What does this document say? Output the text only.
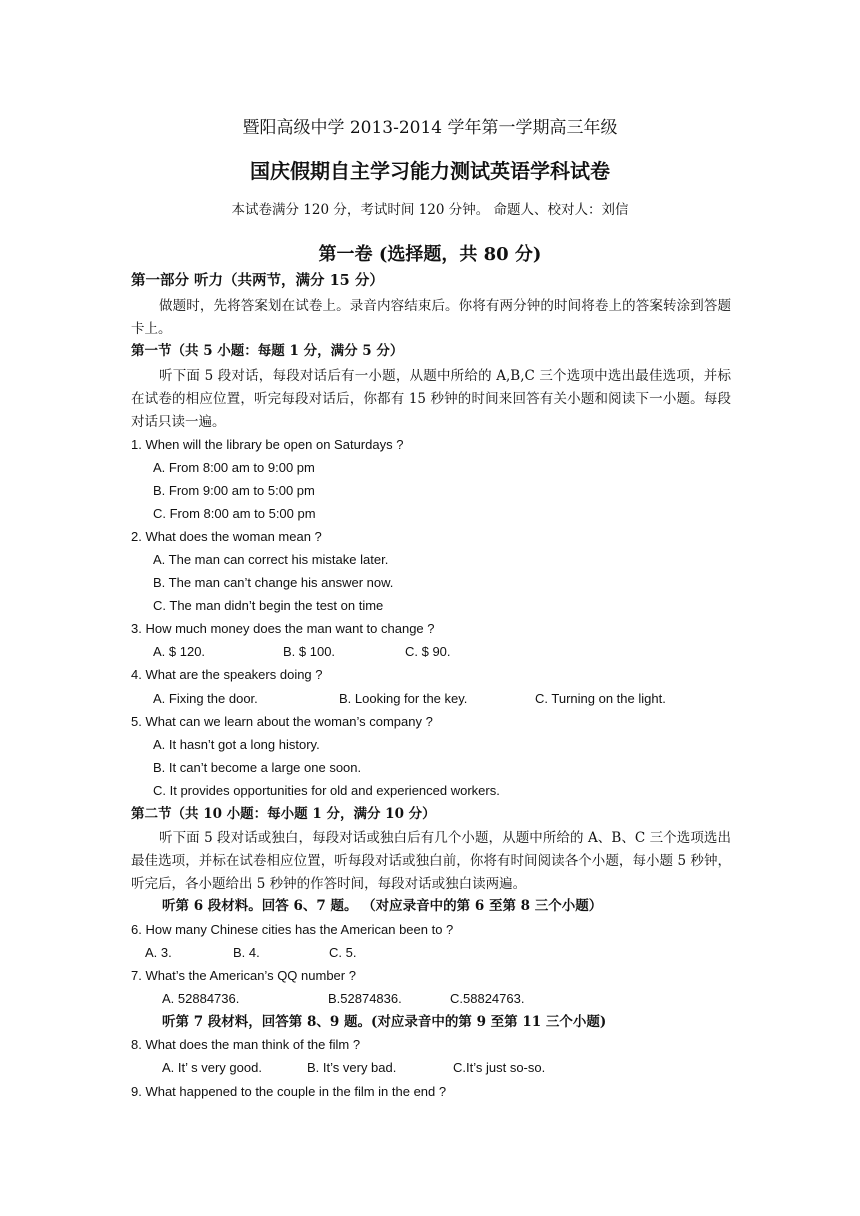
暨阳高级中学 2013-2014 学年第一学期高三年级
国庆假期自主学习能力测试英语学科试卷
本试卷满分 120 分，考试时间 120 分钟。 命题人、校对人：刘信
第一卷 (选择题，共 80 分)
第一部分 听力（共两节，满分 15 分）
做题时，先将答案划在试卷上。录音内容结束后。你将有两分钟的时间将卷上的答案转涂到答题卡上。
第一节（共 5 小题：每题 1 分，满分 5 分）
听下面 5 段对话，每段对话后有一小题，从题中所给的 A,B,C 三个选项中选出最佳选项，并标在试卷的相应位置，听完每段对话后，你都有 15 秒钟的时间来回答有关小题和阅读下一小题。每段对话只读一遍。
1. When will the library be open on Saturdays ?
A. From 8:00 am to 9:00 pm
B. From 9:00 am to 5:00 pm
C. From 8:00 am to 5:00 pm
2. What does the woman mean ?
A. The man can correct his mistake later.
B. The man can’t change his answer now.
C. The man didn’t begin the test on time
3. How much money does the man want to change ?
A. $ 120.	B. $ 100.	C. $ 90.
4. What are the speakers doing ?
A. Fixing the door.	B. Looking for the key.	C. Turning on the light.
5. What can we learn about the woman’s company ?
A. It hasn’t got a long history.
B. It can’t become a large one soon.
C. It provides opportunities for old and experienced workers.
第二节（共 10 小题：每小题 1 分，满分 10 分）
听下面 5 段对话或独白，每段对话或独白后有几个小题，从题中所给的 A、B、C 三个选项选出最佳选项，并标在试卷相应位置，听每段对话或独白前，你将有时间阅读各个小题，每小题 5 秒钟，听完后，各小题给出 5 秒钟的作答时间，每段对话或独白读两遍。
听第 6 段材料。回答 6、7 题。 （对应录音中的第 6 至第 8 三个小题）
6. How many Chinese cities has the American been to ?
A. 3.	B. 4.	C. 5.
7. What’s the American’s QQ number ?
A. 52884736.	B.52874836.	C.58824763.
听第 7 段材料，回答第 8、9 题。(对应录音中的第 9 至第 11 三个小题)
8. What does the man think of the film ?
A. It’ s very good.	B. It’s very bad.	C.It’s just so-so.
9. What happened to the couple in the film in the end ?
